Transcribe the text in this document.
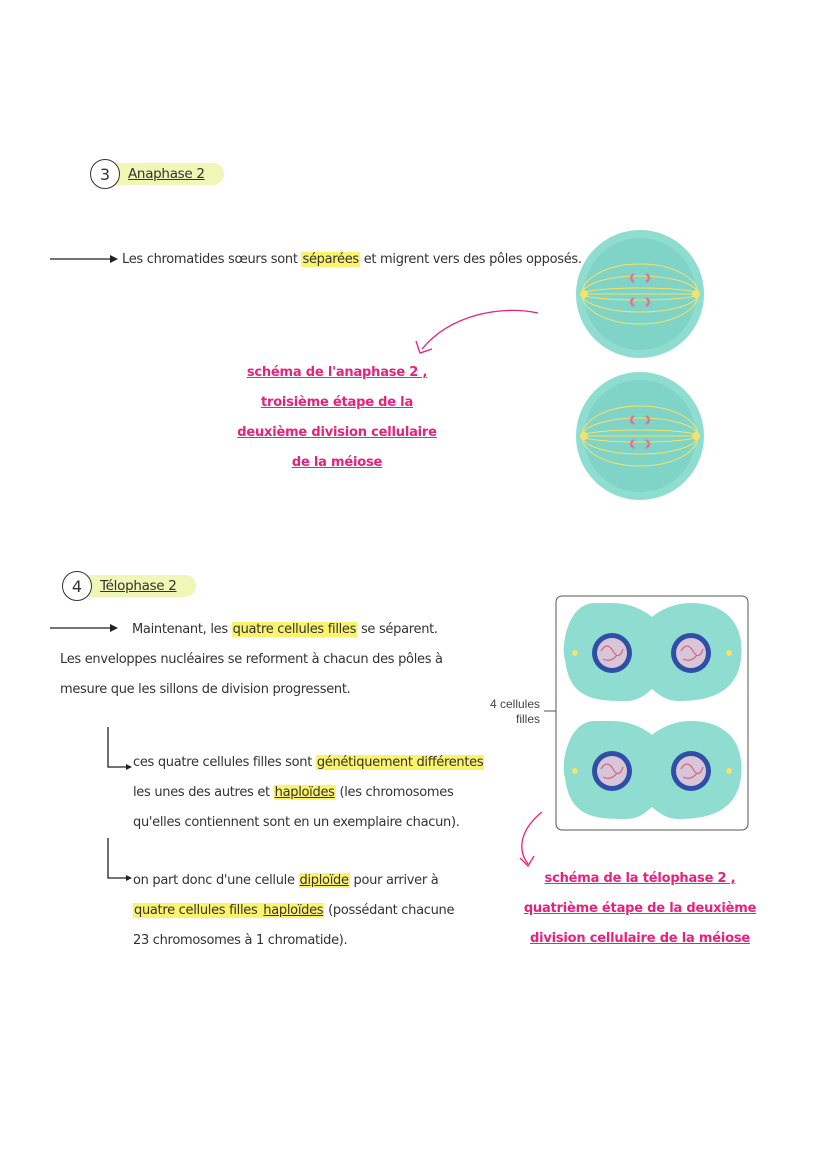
3	Anaphase 2
Les chromatides sœurs sont séparées et migrent vers des pôles opposés.
schéma de l'anaphase 2 ,
troisième étape de la
deuxième division cellulaire
de la méiose
4	Télophase 2
Maintenant, les quatre cellules filles se séparent.
Les enveloppes nucléaires se reforment à chacun des pôles à
mesure que les sillons de division progressent.
ces quatre cellules filles sont génétiquement différentes
les unes des autres et haploïdes (les chromosomes
qu'elles contiennent sont en un exemplaire chacun).
on part donc d'une cellule diploïde pour arriver à
quatre cellules filles haploïdes (possédant chacune
23 chromosomes à 1 chromatide).
4 cellules
filles
schéma de la télophase 2 ,
quatrième étape de la deuxième
division cellulaire de la méiose
